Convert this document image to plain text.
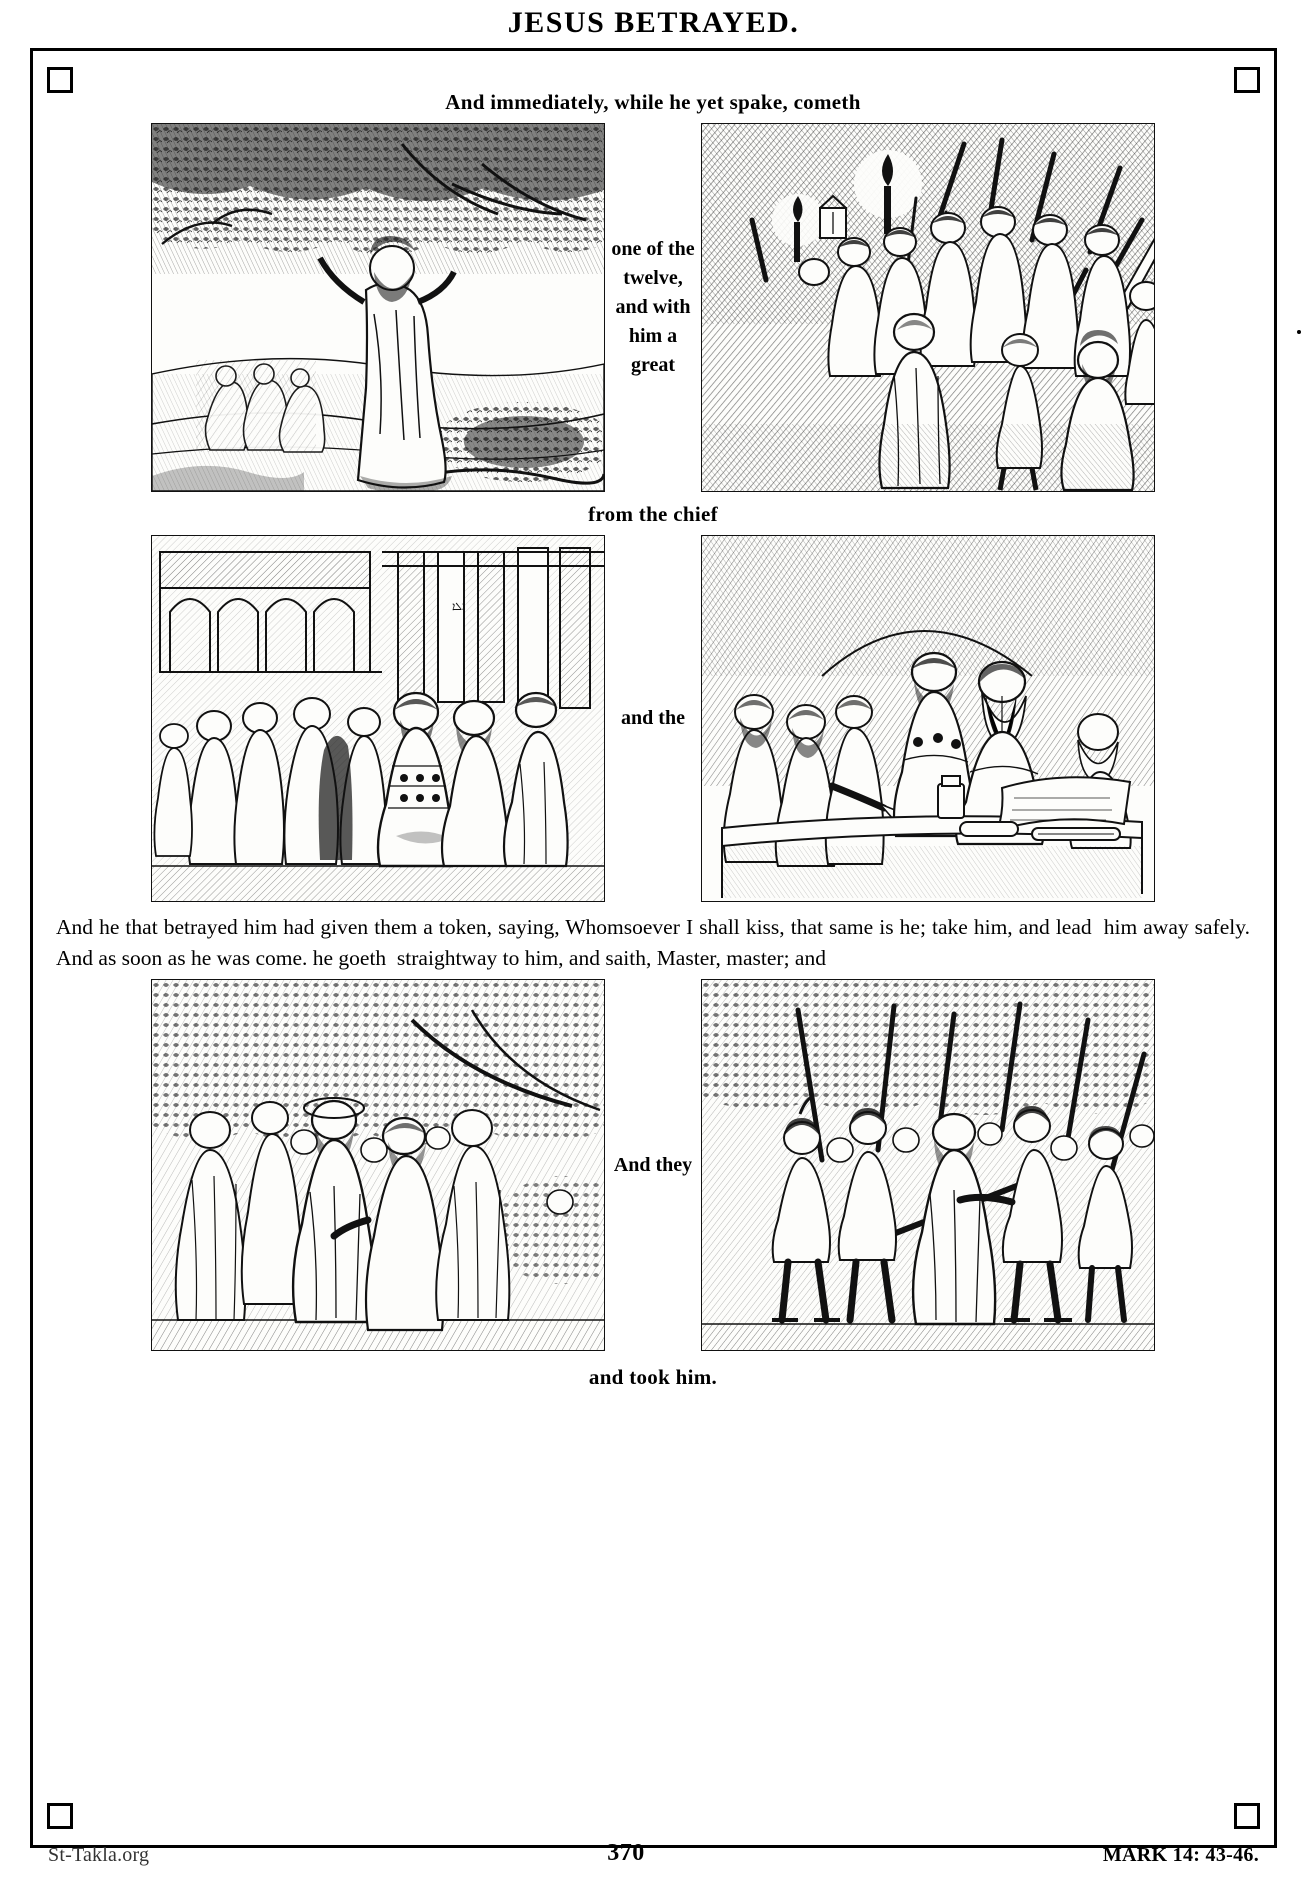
JESUS BETRAYED.
And immediately, while he yet spake, cometh
one of the twelve, and with him a great
from the chief
ܐܠܐ
and the
And he that betrayed him had given them a token, saying, Whomsoever I shall kiss, that same is he; take him, and lead  him away safely.    And as soon as he was come. he goeth  straightway to him, and saith, Master, master; and
And they
and took him.
St-Takla.org	370	MARK 14: 43-46.
